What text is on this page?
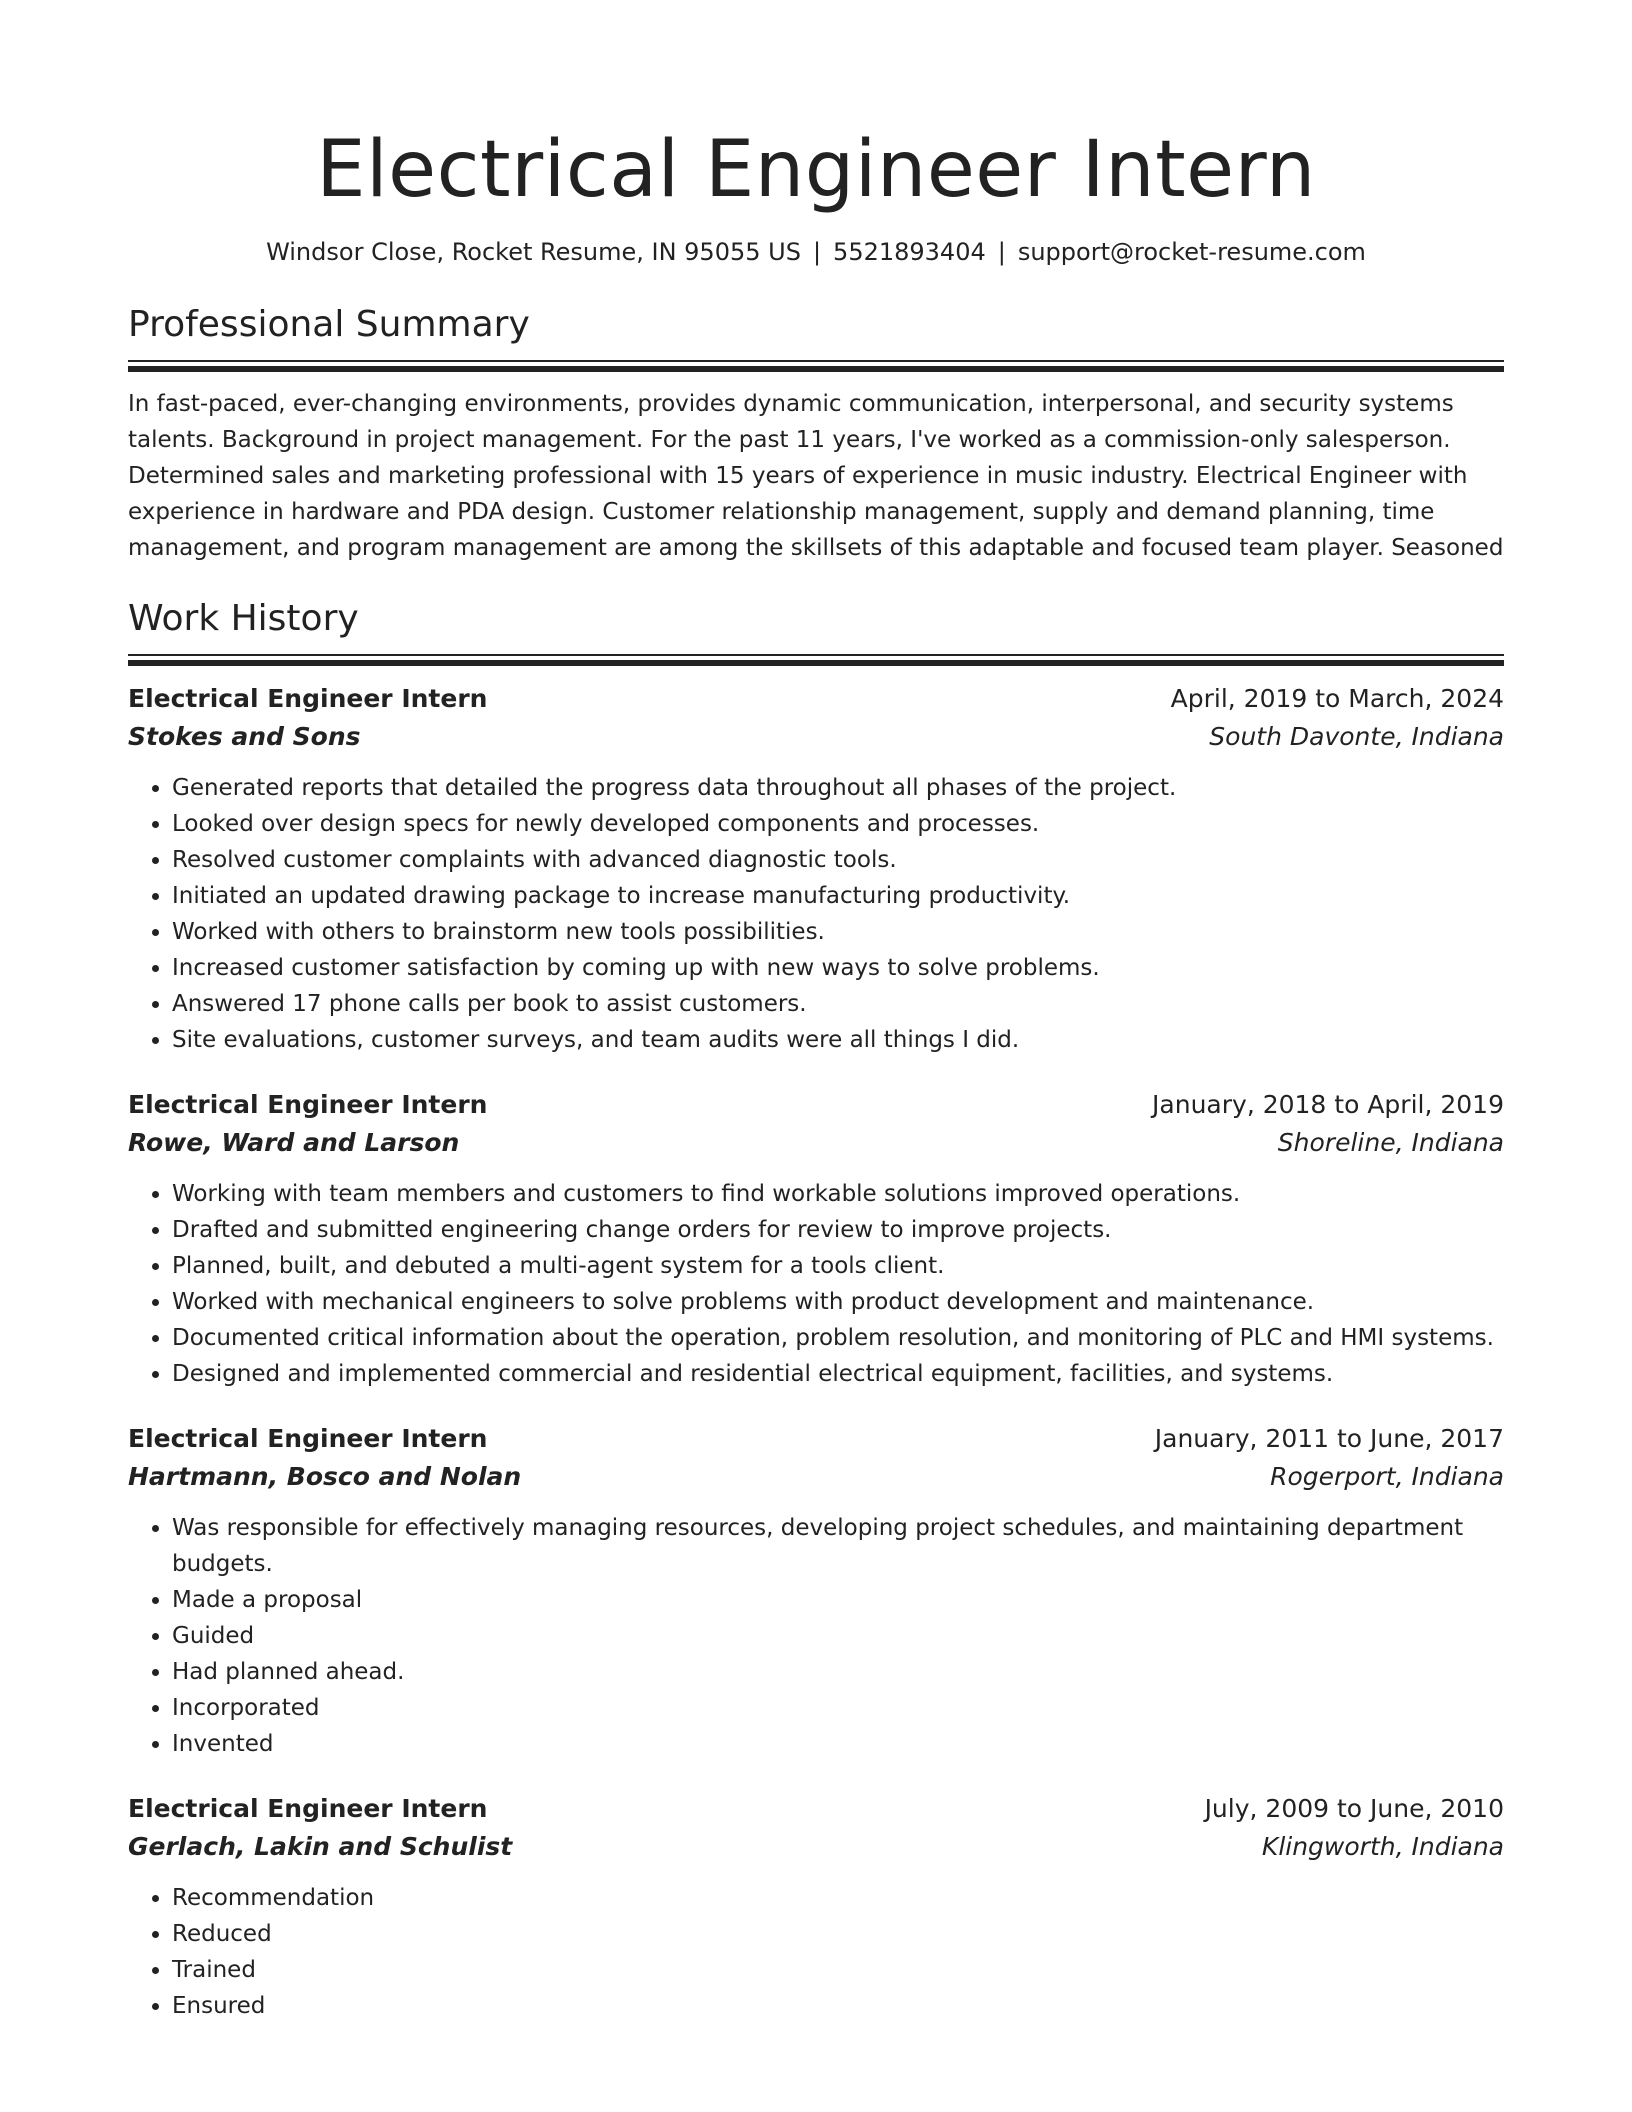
Electrical Engineer Intern
Windsor Close, Rocket Resume, IN 95055 US | 5521893404 | support@rocket-resume.com
Professional Summary
In fast-paced, ever-changing environments, provides dynamic communication, interpersonal, and security systems talents. Background in project management. For the past 11 years, I've worked as a commission-only salesperson. Determined sales and marketing professional with 15 years of experience in music industry. Electrical Engineer with experience in hardware and PDA design. Customer relationship management, supply and demand planning, time management, and program management are among the skillsets of this adaptable and focused team player. Seasoned
Work History
Electrical Engineer Intern	April, 2019 to March, 2024
Stokes and Sons	South Davonte, Indiana
• Generated reports that detailed the progress data throughout all phases of the project.
• Looked over design specs for newly developed components and processes.
• Resolved customer complaints with advanced diagnostic tools.
• Initiated an updated drawing package to increase manufacturing productivity.
• Worked with others to brainstorm new tools possibilities.
• Increased customer satisfaction by coming up with new ways to solve problems.
• Answered 17 phone calls per book to assist customers.
• Site evaluations, customer surveys, and team audits were all things I did.
Electrical Engineer Intern	January, 2018 to April, 2019
Rowe, Ward and Larson	Shoreline, Indiana
• Working with team members and customers to find workable solutions improved operations.
• Drafted and submitted engineering change orders for review to improve projects.
• Planned, built, and debuted a multi-agent system for a tools client.
• Worked with mechanical engineers to solve problems with product development and maintenance.
• Documented critical information about the operation, problem resolution, and monitoring of PLC and HMI systems.
• Designed and implemented commercial and residential electrical equipment, facilities, and systems.
Electrical Engineer Intern	January, 2011 to June, 2017
Hartmann, Bosco and Nolan	Rogerport, Indiana
• Was responsible for effectively managing resources, developing project schedules, and maintaining department budgets.
• Made a proposal
• Guided
• Had planned ahead.
• Incorporated
• Invented
Electrical Engineer Intern	July, 2009 to June, 2010
Gerlach, Lakin and Schulist	Klingworth, Indiana
• Recommendation
• Reduced
• Trained
• Ensured
